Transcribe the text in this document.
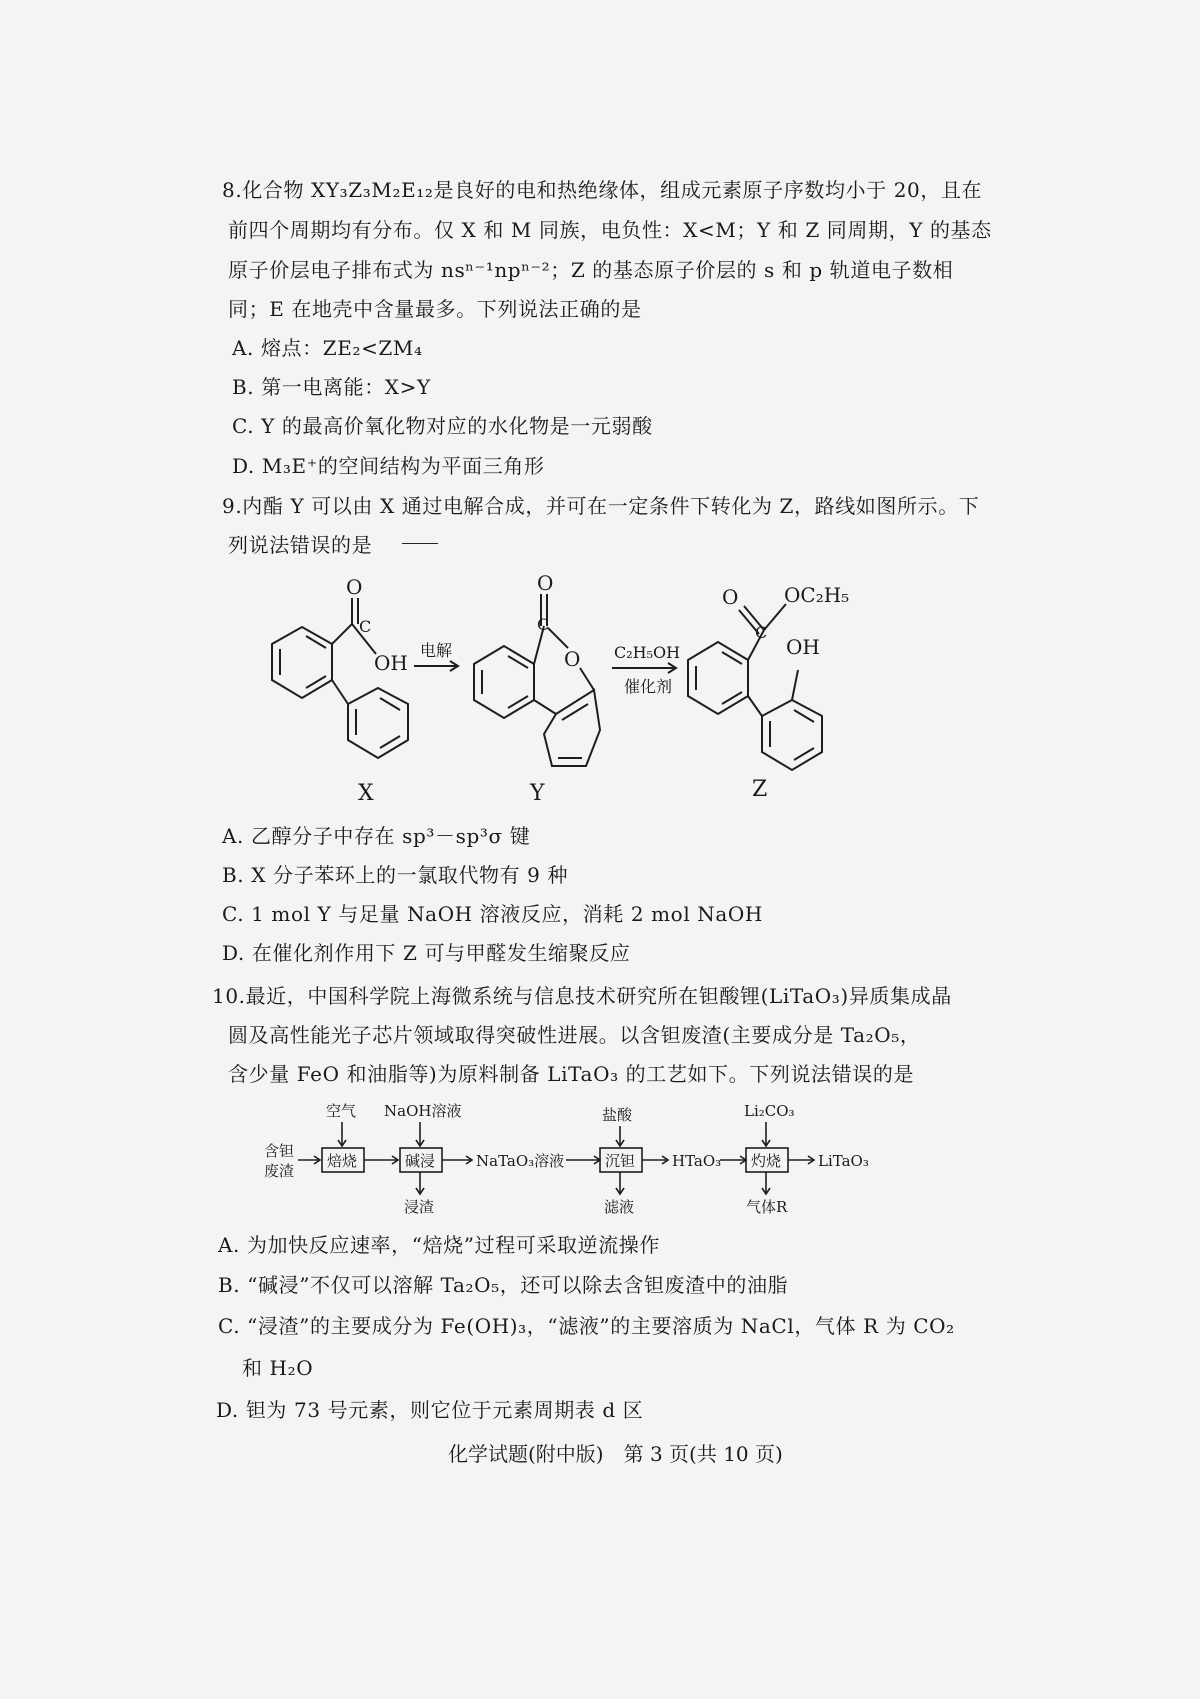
8.化合物 XY₃Z₃M₂E₁₂是良好的电和热绝缘体，组成元素原子序数均小于 20，且在
前四个周期均有分布。仅 X 和 M 同族，电负性：X<M；Y 和 Z 同周期，Y 的基态
原子价层电子排布式为 nsⁿ⁻¹npⁿ⁻²；Z 的基态原子价层的 s 和 p 轨道电子数相
同；E 在地壳中含量最多。下列说法正确的是
A. 熔点：ZE₂<ZM₄
B. 第一电离能：X>Y
C. Y 的最高价氧化物对应的水化物是一元弱酸
D. M₃E⁺的空间结构为平面三角形
9.内酯 Y 可以由 X 通过电解合成，并可在一定条件下转化为 Z，路线如图所示。下
列说法错误的是
O
C
OH
X
电解
O
C
O
Y
C₂H₅OH
催化剂
O
C
OC₂H₅
OH
Z
A. 乙醇分子中存在 sp³－sp³σ 键
B. X 分子苯环上的一氯取代物有 9 种
C. 1 mol Y 与足量 NaOH 溶液反应，消耗 2 mol NaOH
D. 在催化剂作用下 Z 可与甲醛发生缩聚反应
10.最近，中国科学院上海微系统与信息技术研究所在钽酸锂(LiTaO₃)异质集成晶
圆及高性能光子芯片领域取得突破性进展。以含钽废渣(主要成分是 Ta₂O₅，
含少量 FeO 和油脂等)为原料制备 LiTaO₃ 的工艺如下。下列说法错误的是
含钽
废渣
空气
焙烧
NaOH溶液
碱浸
浸渣
NaTaO₃溶液
盐酸
沉钽
滤液
HTaO₃
Li₂CO₃
灼烧
气体R
LiTaO₃
A. 为加快反应速率，“焙烧”过程可采取逆流操作
B. “碱浸”不仅可以溶解 Ta₂O₅，还可以除去含钽废渣中的油脂
C. “浸渣”的主要成分为 Fe(OH)₃，“滤液”的主要溶质为 NaCl，气体 R 为 CO₂
和 H₂O
D. 钽为 73 号元素，则它位于元素周期表 d 区
化学试题(附中版)　第 3 页(共 10 页)
